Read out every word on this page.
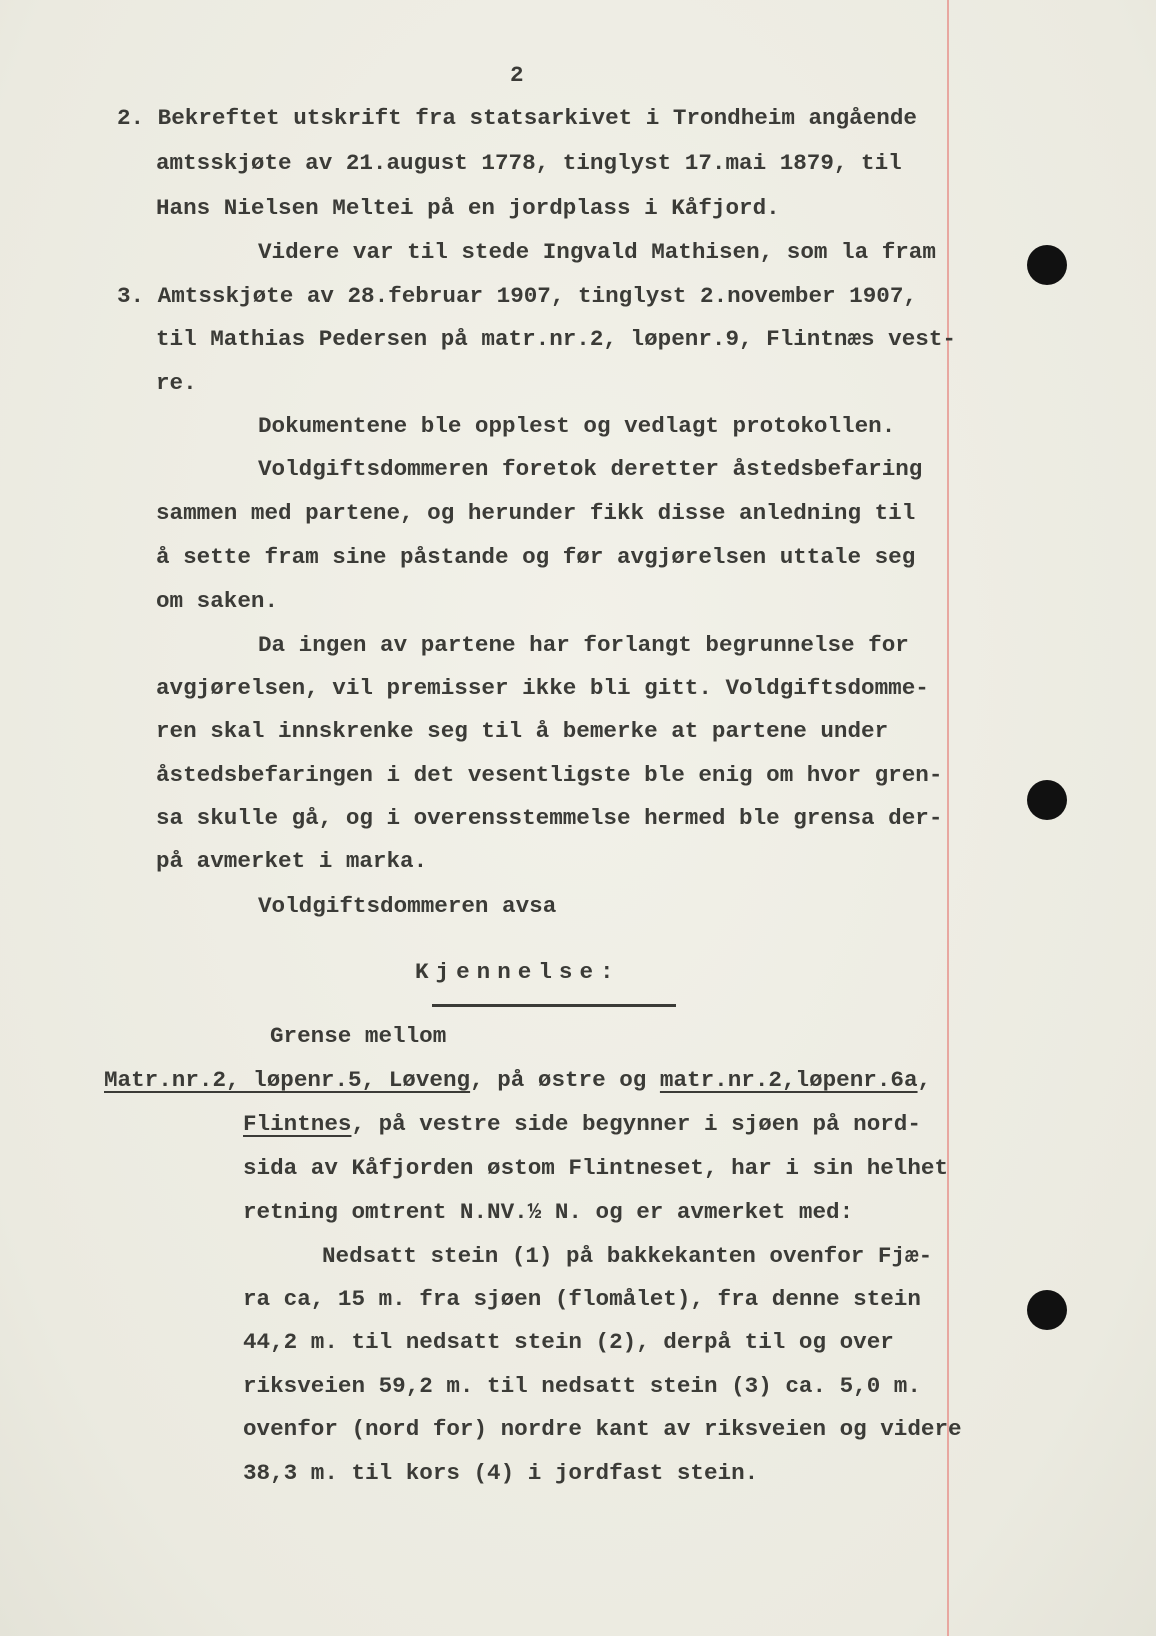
2
2. Bekreftet utskrift fra statsarkivet i Trondheim angående
amtsskjøte av 21.august 1778, tinglyst 17.mai 1879, til
Hans Nielsen Meltei på en jordplass i Kåfjord.
Videre var til stede Ingvald Mathisen, som la fram
3. Amtsskjøte av 28.februar 1907, tinglyst 2.november 1907,
til Mathias Pedersen på matr.nr.2, løpenr.9, Flintnæs vest-
re.
Dokumentene ble opplest og vedlagt protokollen.
Voldgiftsdommeren foretok deretter åstedsbefaring
sammen med partene, og herunder fikk disse anledning til
å sette fram sine påstande og før avgjørelsen uttale seg
om saken.
Da ingen av partene har forlangt begrunnelse for
avgjørelsen, vil premisser ikke bli gitt. Voldgiftsdomme-
ren skal innskrenke seg til å bemerke at partene under
åstedsbefaringen i det vesentligste ble enig om hvor gren-
sa skulle gå, og i overensstemmelse hermed ble grensa der-
på avmerket i marka.
Voldgiftsdommeren avsa
Kjennelse:
Grense mellom
Matr.nr.2, løpenr.5, Løveng, på østre og matr.nr.2,løpenr.6a,
Flintnes, på vestre side begynner i sjøen på nord-
sida av Kåfjorden østom Flintneset, har i sin helhet
retning omtrent N.NV.½ N. og er avmerket med:
Nedsatt stein (1) på bakkekanten ovenfor Fjæ-
ra ca, 15 m. fra sjøen (flomålet), fra denne stein
44,2 m. til nedsatt stein (2), derpå til og over
riksveien 59,2 m. til nedsatt stein (3) ca. 5,0 m.
ovenfor (nord for) nordre kant av riksveien og videre
38,3 m. til kors (4) i jordfast stein.
